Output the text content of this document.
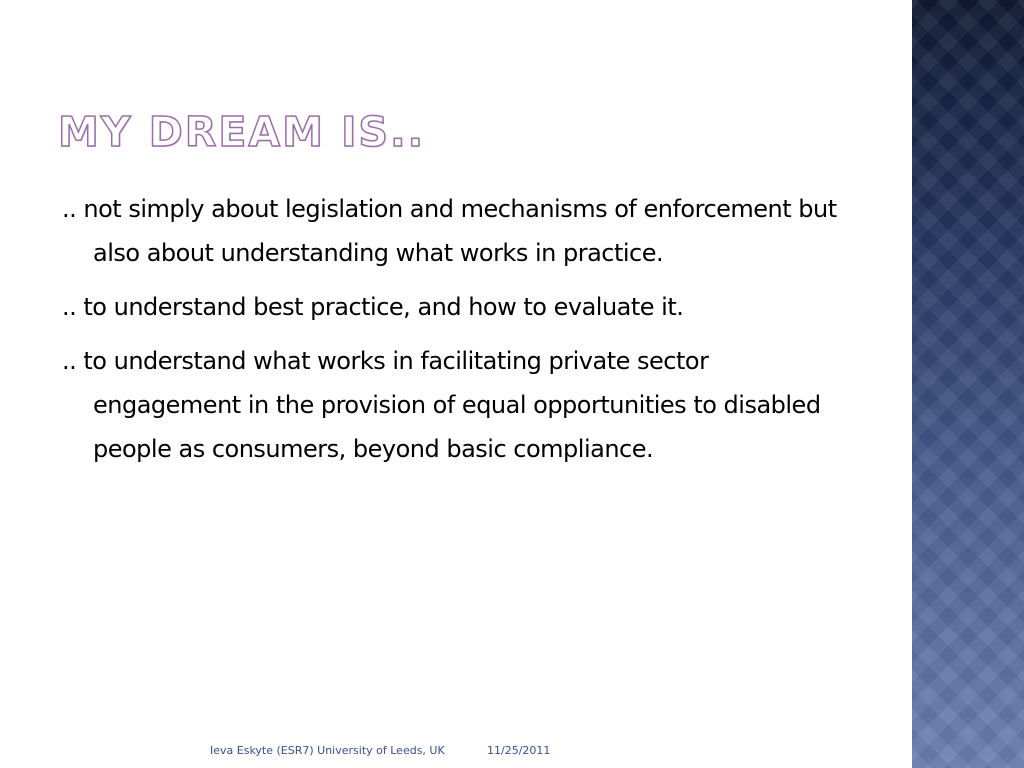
MY DREAM IS..
.. not simply about legislation and mechanisms of enforcement but also about understanding what works in practice.
.. to understand best practice, and how to evaluate it.
.. to understand what works in facilitating private sector engagement in the provision of equal opportunities to disabled people as consumers, beyond basic compliance.
Ieva Eskyte (ESR7) University of Leeds, UK	11/25/2011
